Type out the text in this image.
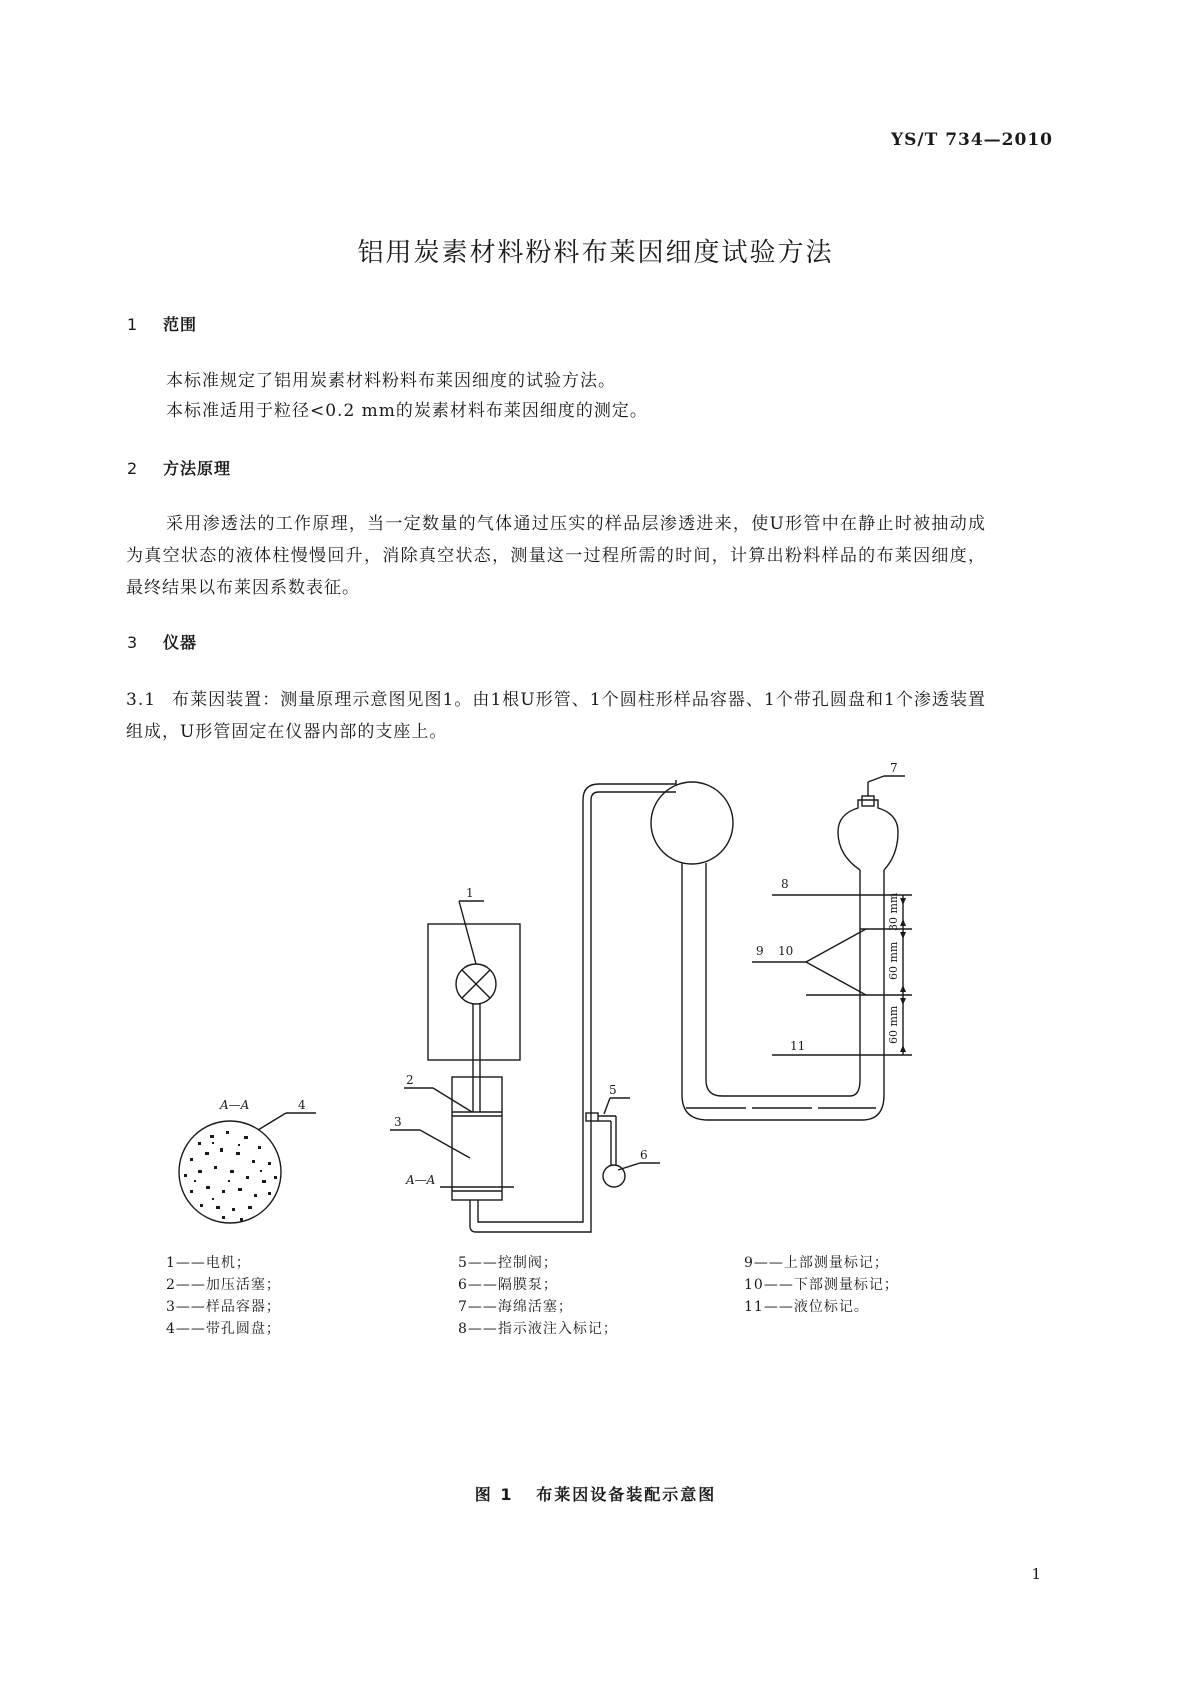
YS/T 734—2010
铝用炭素材料粉料布莱因细度试验方法
1 范围
本标准规定了铝用炭素材料粉料布莱因细度的试验方法。
本标准适用于粒径<0.2 mm的炭素材料布莱因细度的测定。
2 方法原理
采用渗透法的工作原理，当一定数量的气体通过压实的样品层渗透进来，使U形管中在静止时被抽动成为真空状态的液体柱慢慢回升，消除真空状态，测量这一过程所需的时间，计算出粉料样品的布莱因细度，最终结果以布莱因系数表征。
3 仪器
3.1 布莱因装置：测量原理示意图见图1。由1根U形管、1个圆柱形样品容器、1个带孔圆盘和1个渗透装置组成，U形管固定在仪器内部的支座上。
1
2
3
4
5
6
7
8
9 10
11
A—A
A—A
30 mm
60 mm
60 mm
1——电机；
2——加压活塞；
3——样品容器；
4——带孔圆盘；
5——控制阀；
6——隔膜泵；
7——海绵活塞；
8——指示液注入标记；
9——上部测量标记；
10——下部测量标记；
11——液位标记。
图 1 布莱因设备装配示意图
1
